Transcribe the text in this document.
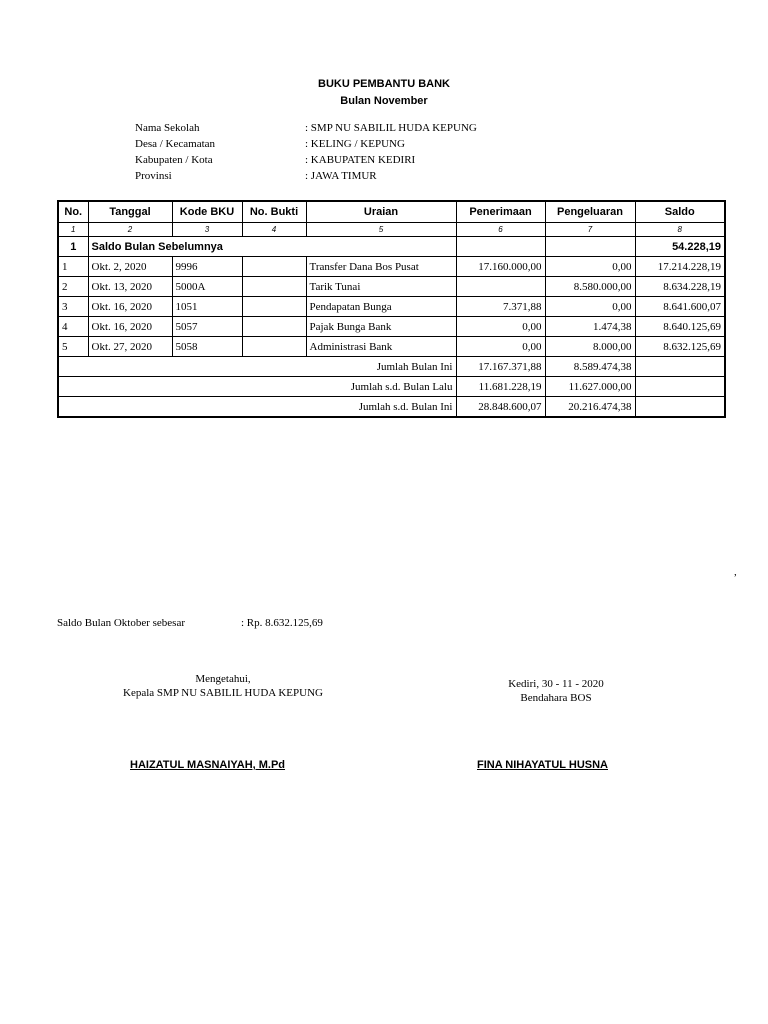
BUKU PEMBANTU BANK
Bulan November
Nama Sekolah	: SMP NU SABILIL HUDA KEPUNG
Desa / Kecamatan	: KELING / KEPUNG
Kabupaten / Kota	: KABUPATEN KEDIRI
Provinsi	: JAWA TIMUR
No.	Tanggal	Kode BKU	No. Bukti	Uraian	Penerimaan	Pengeluaran	Saldo
1	2	3	4	5	6	7	8
1	Saldo Bulan Sebelumnya						54.228,19
1	Okt. 2, 2020	9996		Transfer Dana Bos Pusat	17.160.000,00	0,00	17.214.228,19
2	Okt. 13, 2020	5000A		Tarik Tunai		8.580.000,00	8.634.228,19
3	Okt. 16, 2020	1051		Pendapatan Bunga	7.371,88	0,00	8.641.600,07
4	Okt. 16, 2020	5057		Pajak Bunga Bank	0,00	1.474,38	8.640.125,69
5	Okt. 27, 2020	5058		Administrasi Bank	0,00	8.000,00	8.632.125,69
Jumlah Bulan Ini					17.167.371,88	8.589.474,38	
Jumlah s.d. Bulan Lalu					11.681.228,19	11.627.000,00	
Jumlah s.d. Bulan Ini					28.848.600,07	20.216.474,38	
,
Saldo Bulan Oktober sebesar	: Rp. 8.632.125,69
Mengetahui,
Kepala SMP NU SABILIL HUDA KEPUNG
Kediri, 30 - 11 - 2020
Bendahara BOS
HAIZATUL MASNAIYAH, M.Pd	FINA NIHAYATUL HUSNA
